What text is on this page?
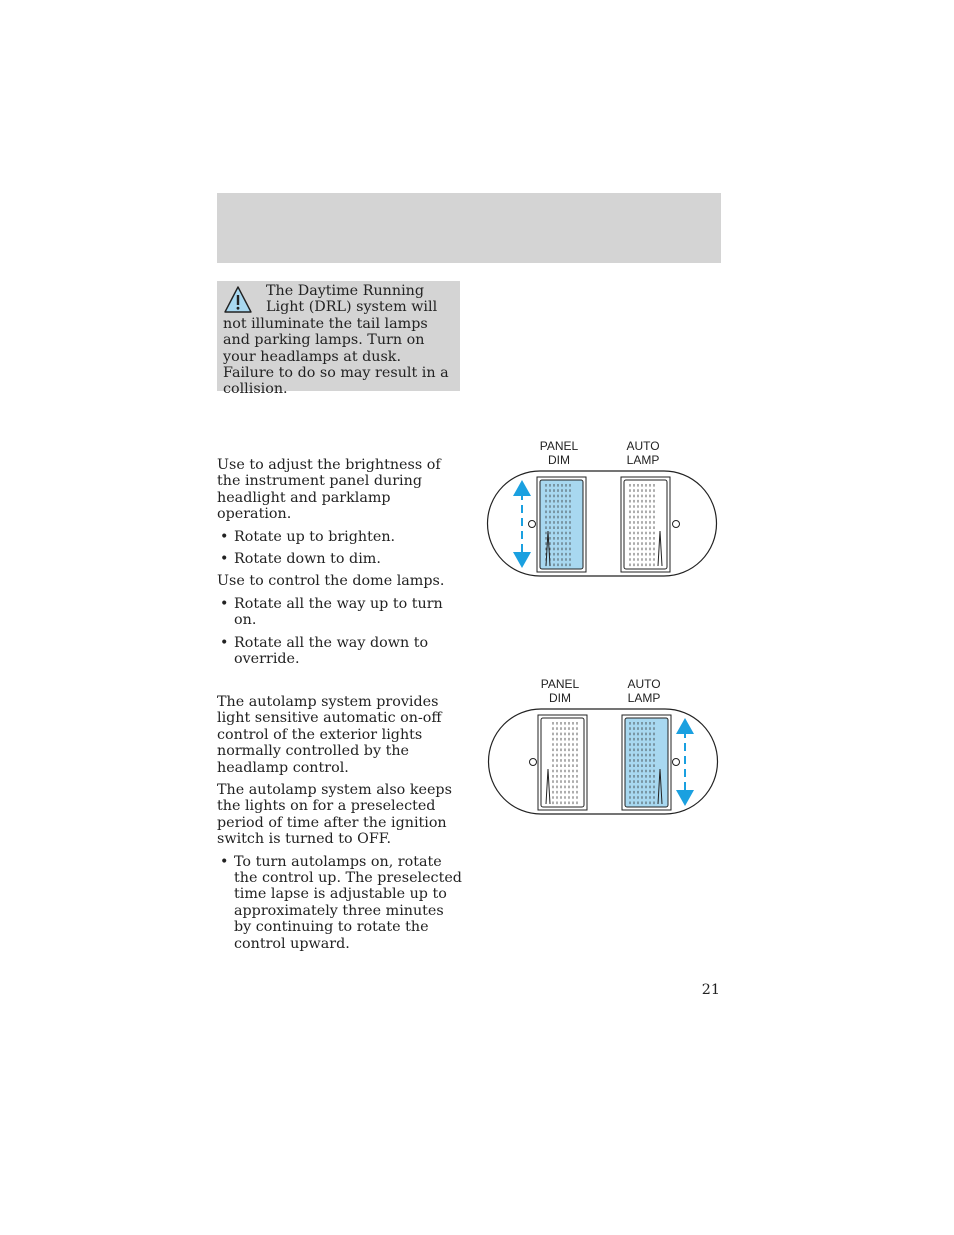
The Daytime Running Light (DRL) system will not illuminate the tail lamps and parking lamps. Turn on your headlamps at dusk. Failure to do so may result in a collision.

Use to adjust the brightness of the instrument panel during headlight and parklamp operation.

• Rotate up to brighten.
• Rotate down to dim.

Use to control the dome lamps.

• Rotate all the way up to turn on.
• Rotate all the way down to override.

The autolamp system provides light sensitive automatic on-off control of the exterior lights normally controlled by the headlamp control.

The autolamp system also keeps the lights on for a preselected period of time after the ignition switch is turned to OFF.

• To turn autolamps on, rotate the control up. The preselected time lapse is adjustable up to approximately three minutes by continuing to rotate the control upward.
PANEL
DIM
AUTO
LAMP
PANEL
DIM
AUTO
LAMP
21
